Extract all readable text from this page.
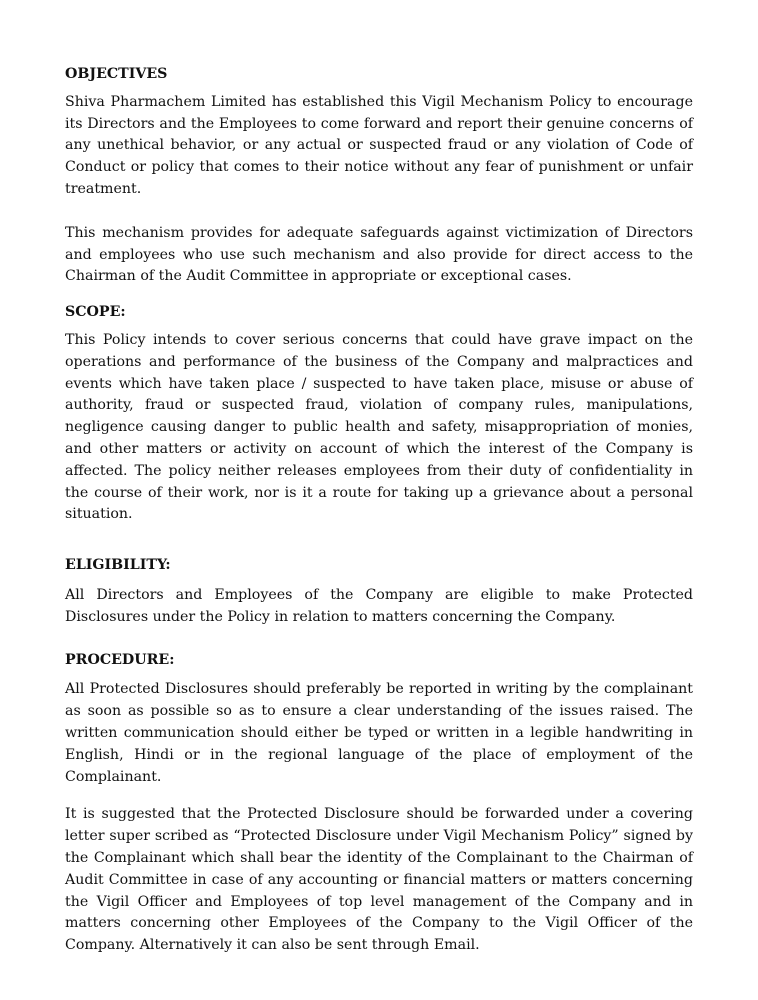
OBJECTIVES

Shiva Pharmachem Limited has established this Vigil Mechanism Policy to encourage its Directors and the Employees to come forward and report their genuine concerns of any unethical behavior, or any actual or suspected fraud or any violation of Code of Conduct or policy that comes to their notice without any fear of punishment or unfair treatment.

This mechanism provides for adequate safeguards against victimization of Directors and employees who use such mechanism and also provide for direct access to the Chairman of the Audit Committee in appropriate or exceptional cases.

SCOPE:

This Policy intends to cover serious concerns that could have grave impact on the operations and performance of the business of the Company and malpractices and events which have taken place / suspected to have taken place, misuse or abuse of authority, fraud or suspected fraud, violation of company rules, manipulations, negligence causing danger to public health and safety, misappropriation of monies, and other matters or activity on account of which the interest of the Company is affected. The policy neither releases employees from their duty of confidentiality in the course of their work, nor is it a route for taking up a grievance about a personal situation.

ELIGIBILITY:

All Directors and Employees of the Company are eligible to make Protected Disclosures under the Policy in relation to matters concerning the Company.

PROCEDURE:

All Protected Disclosures should preferably be reported in writing by the complainant as soon as possible so as to ensure a clear understanding of the issues raised. The written communication should either be typed or written in a legible handwriting in English, Hindi or in the regional language of the place of employment of the Complainant.

It is suggested that the Protected Disclosure should be forwarded under a covering letter super scribed as “Protected Disclosure under Vigil Mechanism Policy” signed by the Complainant which shall bear the identity of the Complainant to the Chairman of Audit Committee in case of any accounting or financial matters or matters concerning the Vigil Officer and Employees of top level management of the Company and in matters concerning other Employees of the Company to the Vigil Officer of the Company. Alternatively it can also be sent through Email.
